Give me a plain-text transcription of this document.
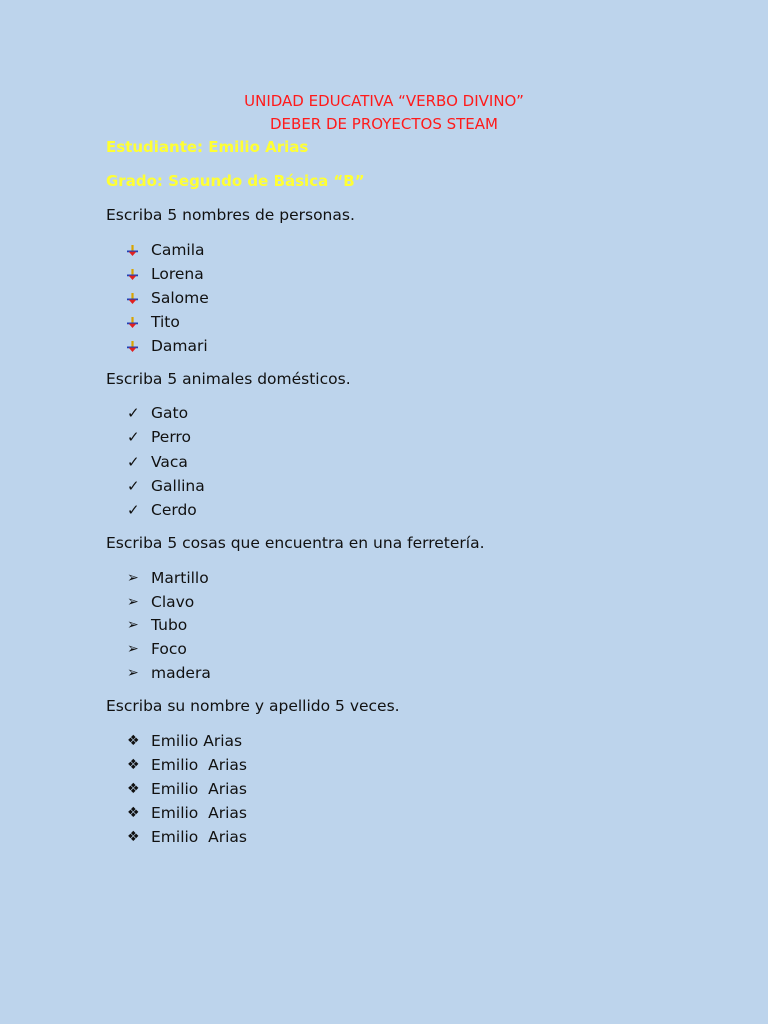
UNIDAD EDUCATIVA “VERBO DIVINO”
DEBER DE PROYECTOS STEAM
Estudiante: Emilio Arias
Grado: Segundo de Básica “B”
Escriba 5 nombres de personas.
Camila
Lorena
Salome
Tito
Damari
Escriba 5 animales domésticos.
✓ Gato
✓ Perro
✓ Vaca
✓ Gallina
✓ Cerdo
Escriba 5 cosas que encuentra en una ferretería.
➢ Martillo
➢ Clavo
➢ Tubo
➢ Foco
➢ madera
Escriba su nombre y apellido 5 veces.
❖ Emilio Arias
❖ Emilio  Arias
❖ Emilio  Arias
❖ Emilio  Arias
❖ Emilio  Arias
